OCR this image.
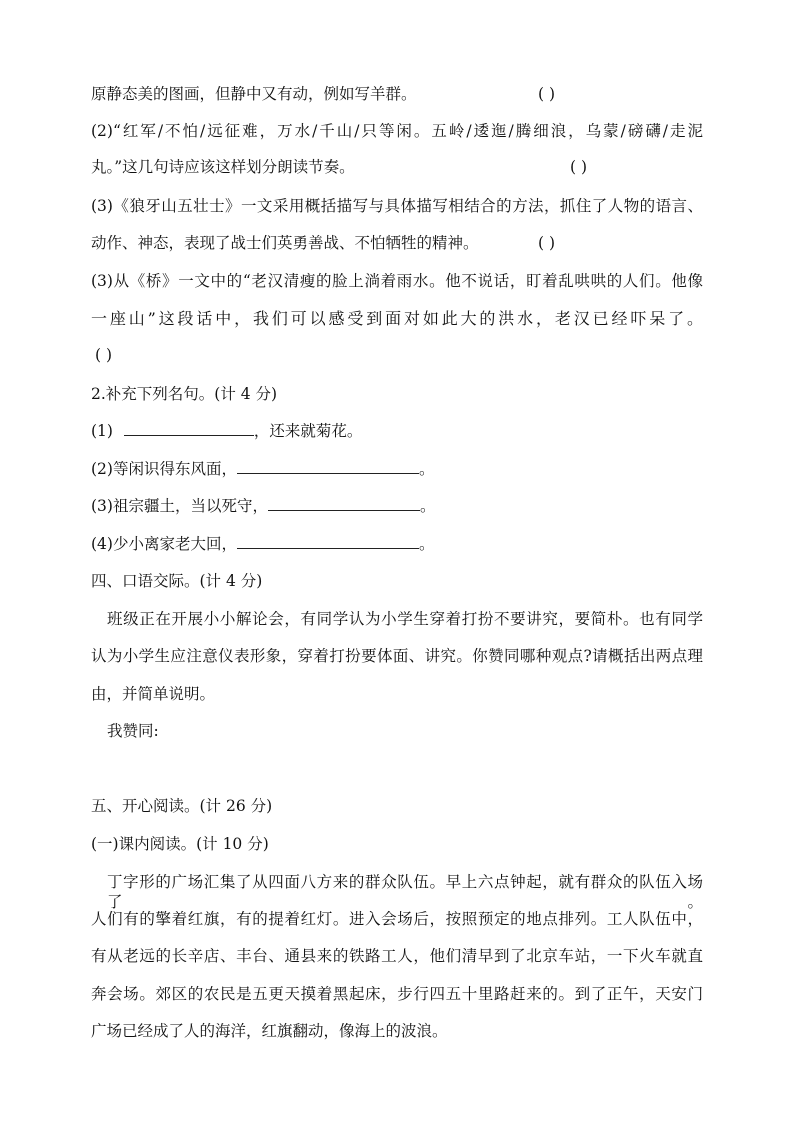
原静态美的图画，但静中又有动，例如写羊群。	( )
(2)“红军/不怕/远征难，万水/千山/只等闲。五岭/逶迤/腾细浪，乌蒙/磅礴/走泥
丸。”这几句诗应该这样划分朗读节奏。	( )
(3)《狼牙山五壮士》一文采用概括描写与具体描写相结合的方法，抓住了人物的语言、
动作、神态，表现了战士们英勇善战、不怕牺牲的精神。	( )
(3)从《桥》一文中的“老汉清瘦的脸上淌着雨水。他不说话，盯着乱哄哄的人们。他像
一座山”这段话中，我们可以感受到面对如此大的洪水，老汉已经吓呆了。
( )
2.补充下列名句。(计 4 分)
(1)	，还来就菊花。
(2)等闲识得东风面，	。
(3)祖宗疆土，当以死守，	。
(4)少小离家老大回，	。
四、口语交际。(计 4 分)
班级正在开展小小解论会，有同学认为小学生穿着打扮不要讲究，要简朴。也有同学
认为小学生应注意仪表形象，穿着打扮要体面、讲究。你赞同哪种观点?请概括出两点理
由，并简单说明。
我赞同:
五、开心阅读。(计 26 分)
(一)课内阅读。(计 10 分)
丁字形的广场汇集了从四面八方来的群众队伍。早上六点钟起，就有群众的队伍入场了。
人们有的擎着红旗，有的提着红灯。进入会场后，按照预定的地点排列。工人队伍中，
有从老远的长辛店、丰台、通县来的铁路工人，他们清早到了北京车站，一下火车就直
奔会场。郊区的农民是五更天摸着黑起床，步行四五十里路赶来的。到了正午，天安门
广场已经成了人的海洋，红旗翻动，像海上的波浪。
